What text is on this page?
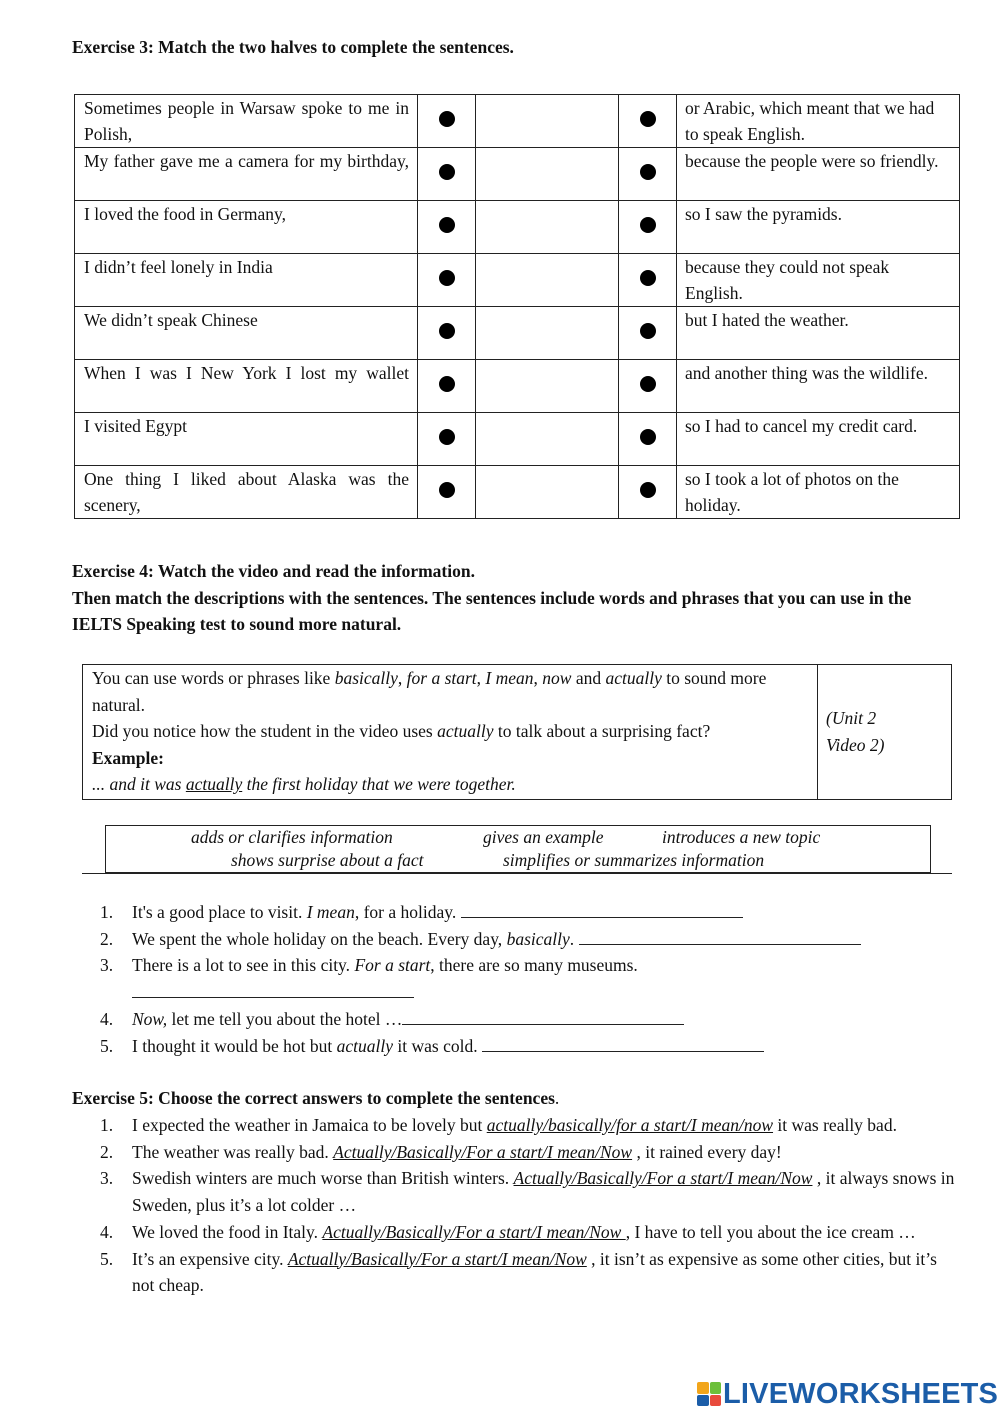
Exercise 3: Match the two halves to complete the sentences.
Sometimes people in Warsaw spoke to me in Polish,				or Arabic, which meant that we had to speak English.
My father gave me a camera for my birthday,				because the people were so friendly.
I loved the food in Germany,				so I saw the pyramids.
I didn’t feel lonely in India				because they could not speak English.
We didn’t speak Chinese				but I hated the weather.
When I was I New York I lost my wallet				and another thing was the wildlife.
I visited Egypt				so I had to cancel my credit card.
One thing I liked about Alaska was the scenery,				so I took a lot of photos on the holiday.
Exercise 4: Watch the video and read the information.
Then match the descriptions with the sentences. The sentences include words and phrases that you can use in the IELTS Speaking test to sound more natural.
You can use words or phrases like basically, for a start, I mean, now and actually to sound more natural.
Did you notice how the student in the video uses actually to talk about a surprising fact?
Example:
... and it was actually the first holiday that we were together.
(Unit 2
Video 2)
adds or clarifies information	gives an example	introduces a new topic
shows surprise about a fact	simplifies or summarizes information
1. It's a good place to visit. I mean, for a holiday.
2. We spent the whole holiday on the beach. Every day, basically.
3. There is a lot to see in this city. For a start, there are so many museums.

4. Now, let me tell you about the hotel …
5. I thought it would be hot but actually it was cold.
Exercise 5: Choose the correct answers to complete the sentences.
1. I expected the weather in Jamaica to be lovely but actually/basically/for a start/I mean/now it was really bad.
2. The weather was really bad. Actually/Basically/For a start/I mean/Now , it rained every day!
3. Swedish winters are much worse than British winters. Actually/Basically/For a start/I mean/Now , it always snows in Sweden, plus it’s a lot colder …
4. We loved the food in Italy. Actually/Basically/For a start/I mean/Now , I have to tell you about the ice cream …
5. It’s an expensive city. Actually/Basically/For a start/I mean/Now , it isn’t as expensive as some other cities, but it’s not cheap.
LIVEWORKSHEETS
